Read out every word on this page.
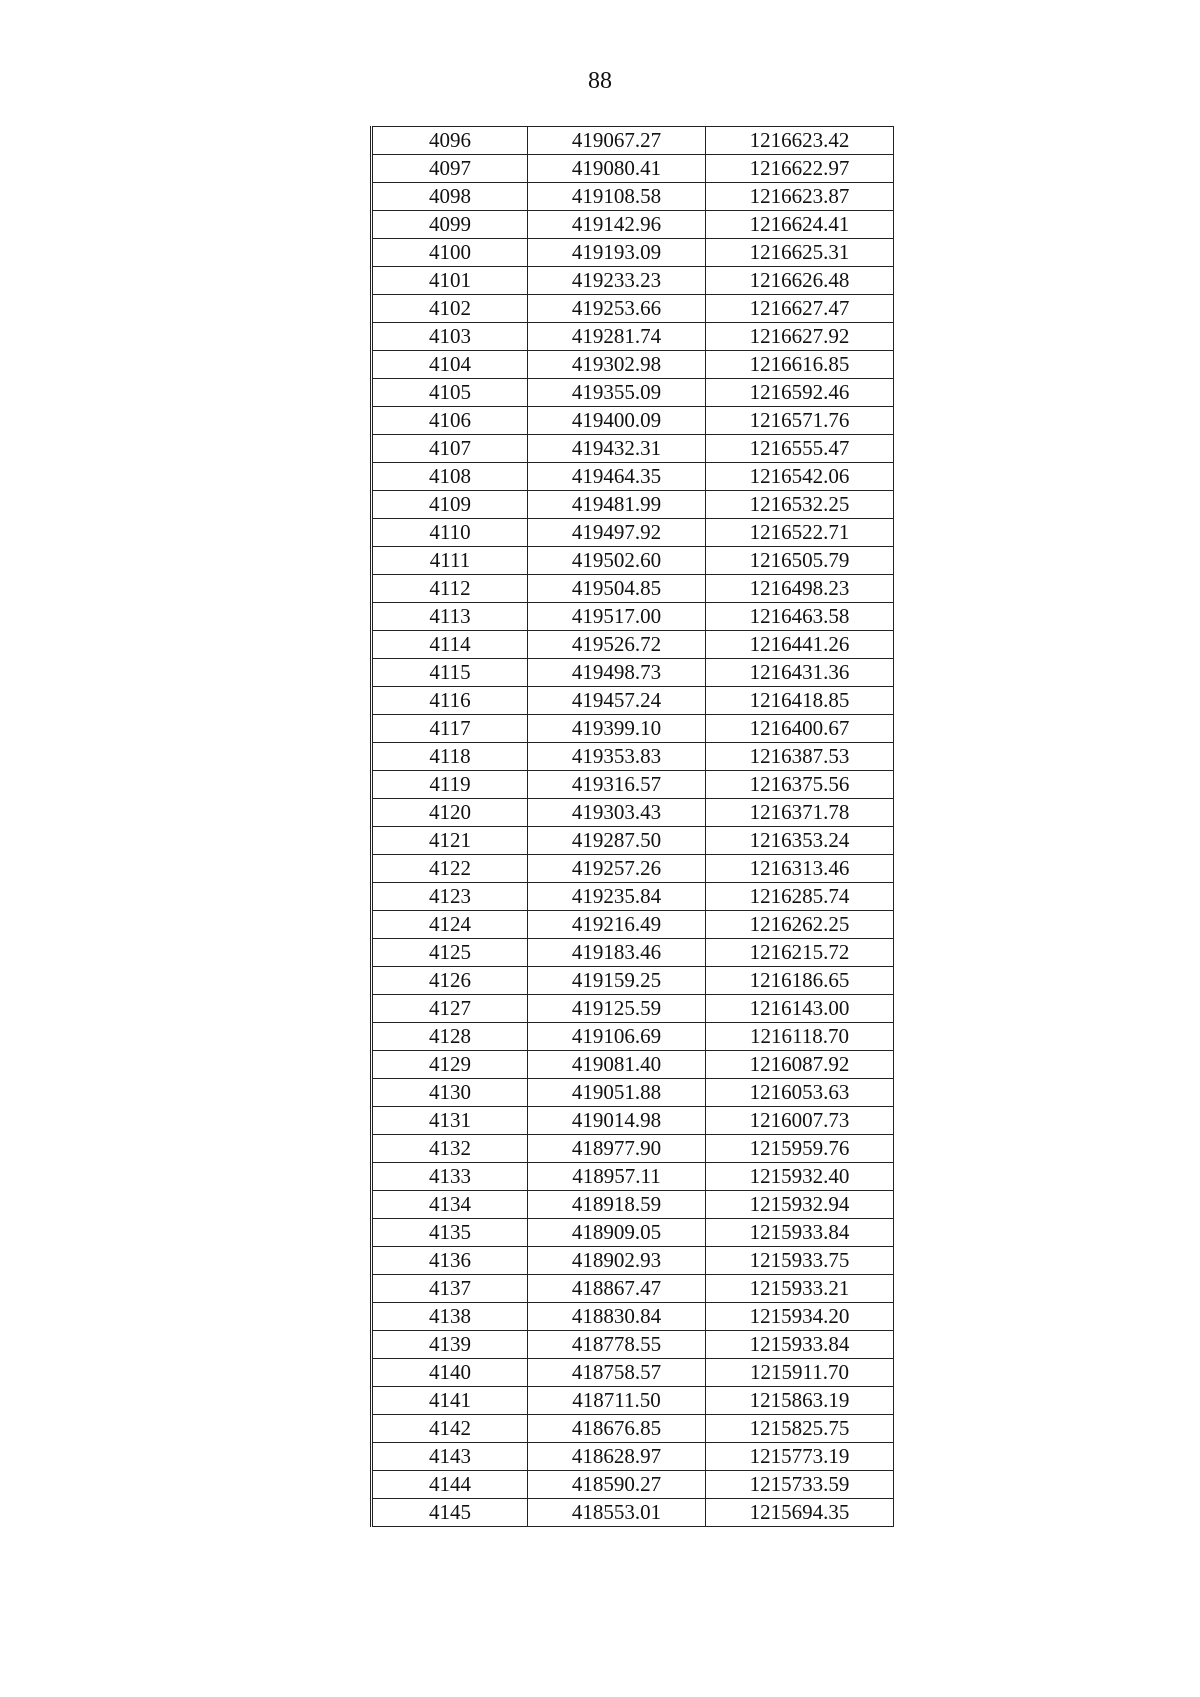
88
4096	419067.27	1216623.42
4097	419080.41	1216622.97
4098	419108.58	1216623.87
4099	419142.96	1216624.41
4100	419193.09	1216625.31
4101	419233.23	1216626.48
4102	419253.66	1216627.47
4103	419281.74	1216627.92
4104	419302.98	1216616.85
4105	419355.09	1216592.46
4106	419400.09	1216571.76
4107	419432.31	1216555.47
4108	419464.35	1216542.06
4109	419481.99	1216532.25
4110	419497.92	1216522.71
4111	419502.60	1216505.79
4112	419504.85	1216498.23
4113	419517.00	1216463.58
4114	419526.72	1216441.26
4115	419498.73	1216431.36
4116	419457.24	1216418.85
4117	419399.10	1216400.67
4118	419353.83	1216387.53
4119	419316.57	1216375.56
4120	419303.43	1216371.78
4121	419287.50	1216353.24
4122	419257.26	1216313.46
4123	419235.84	1216285.74
4124	419216.49	1216262.25
4125	419183.46	1216215.72
4126	419159.25	1216186.65
4127	419125.59	1216143.00
4128	419106.69	1216118.70
4129	419081.40	1216087.92
4130	419051.88	1216053.63
4131	419014.98	1216007.73
4132	418977.90	1215959.76
4133	418957.11	1215932.40
4134	418918.59	1215932.94
4135	418909.05	1215933.84
4136	418902.93	1215933.75
4137	418867.47	1215933.21
4138	418830.84	1215934.20
4139	418778.55	1215933.84
4140	418758.57	1215911.70
4141	418711.50	1215863.19
4142	418676.85	1215825.75
4143	418628.97	1215773.19
4144	418590.27	1215733.59
4145	418553.01	1215694.35
